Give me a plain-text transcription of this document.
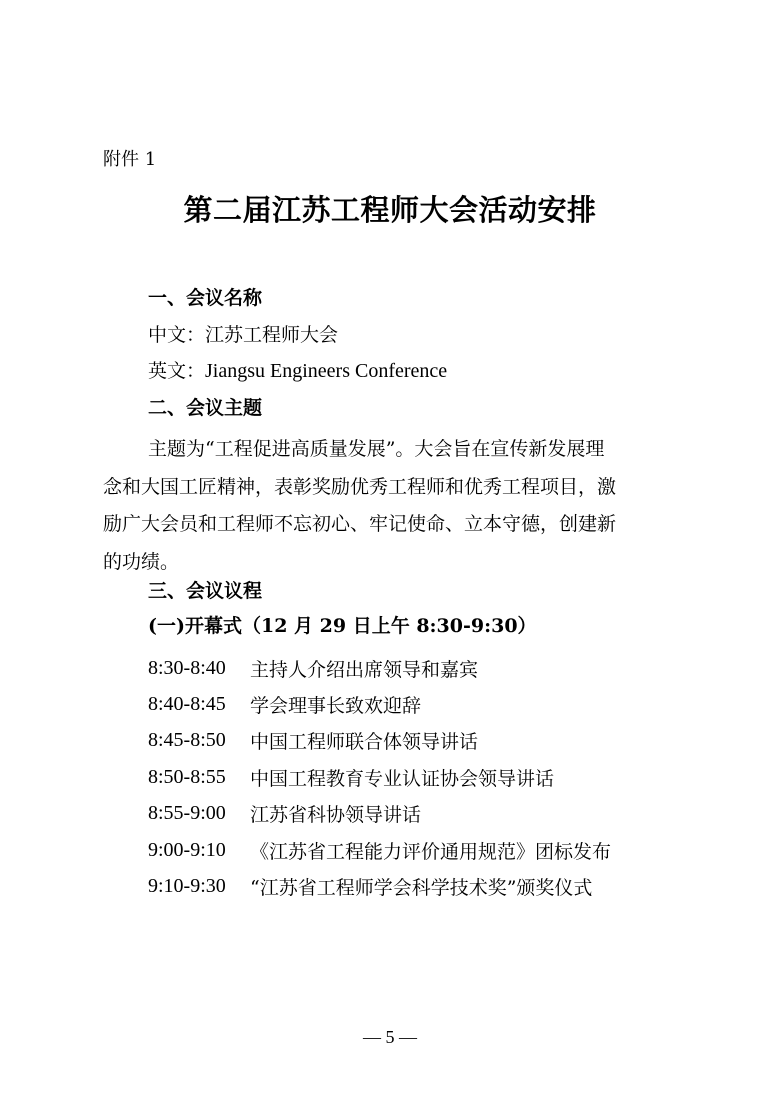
附件 1
第二届江苏工程师大会活动安排
一、会议名称
中文：江苏工程师大会
英文：Jiangsu Engineers Conference
二、会议主题
主题为“工程促进高质量发展”。大会旨在宣传新发展理
念和大国工匠精神，表彰奖励优秀工程师和优秀工程项目，激
励广大会员和工程师不忘初心、牢记使命、立本守德，创建新
的功绩。
三、会议议程
(一)开幕式（12 月 29 日上午 8:30-9:30）
8:30-8:40	主持人介绍出席领导和嘉宾
8:40-8:45	学会理事长致欢迎辞
8:45-8:50	中国工程师联合体领导讲话
8:50-8:55	中国工程教育专业认证协会领导讲话
8:55-9:00	江苏省科协领导讲话
9:00-9:10	《江苏省工程能力评价通用规范》团标发布
9:10-9:30	“江苏省工程师学会科学技术奖”颁奖仪式
— 5 —
